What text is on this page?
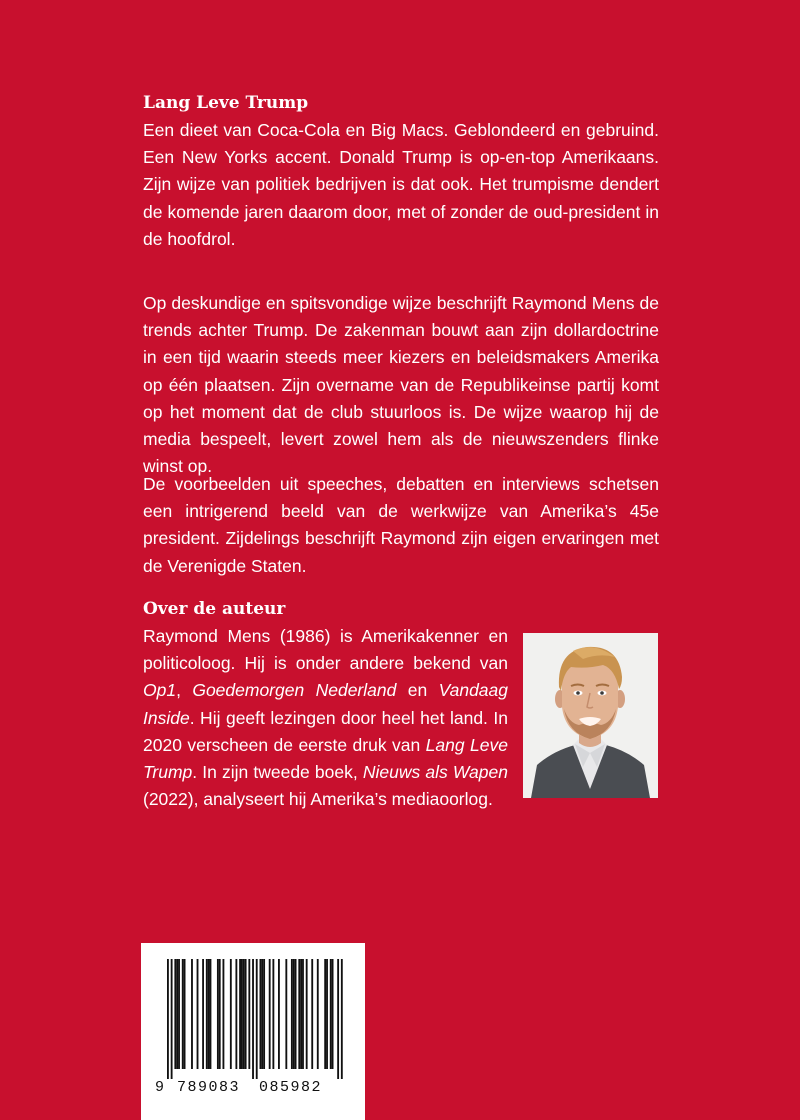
Lang Leve Trump

Een dieet van Coca-Cola en Big Macs. Geblondeerd en gebruind. Een New Yorks accent. Donald Trump is op-en-top Amerikaans. Zijn wijze van politiek bedrijven is dat ook. Het trumpisme dendert de komende jaren daarom door, met of zonder de oud-president in de hoofdrol.

Op deskundige en spitsvondige wijze beschrijft Raymond Mens de trends achter Trump. De zakenman bouwt aan zijn dollardoctrine in een tijd waarin steeds meer kiezers en beleidsmakers Amerika op één plaatsen. Zijn overname van de Republikeinse partij komt op het moment dat de club stuurloos is. De wijze waarop hij de media bespeelt, levert zowel hem als de nieuwszenders flinke winst op.

De voorbeelden uit speeches, debatten en interviews schetsen een intrigerend beeld van de werkwijze van Amerika’s 45e president. Zijdelings beschrijft Raymond zijn eigen ervaringen met de Verenigde Staten.

Over de auteur

Raymond Mens (1986) is Amerikakenner en politicoloog. Hij is onder andere bekend van Op1, Goedemorgen Nederland en Vandaag Inside. Hij geeft lezingen door heel het land. In 2020 verscheen de eerste druk van Lang Leve Trump. In zijn tweede boek, Nieuws als Wapen (2022), analyseert hij Amerika’s mediaoorlog.

9 789083 085982
